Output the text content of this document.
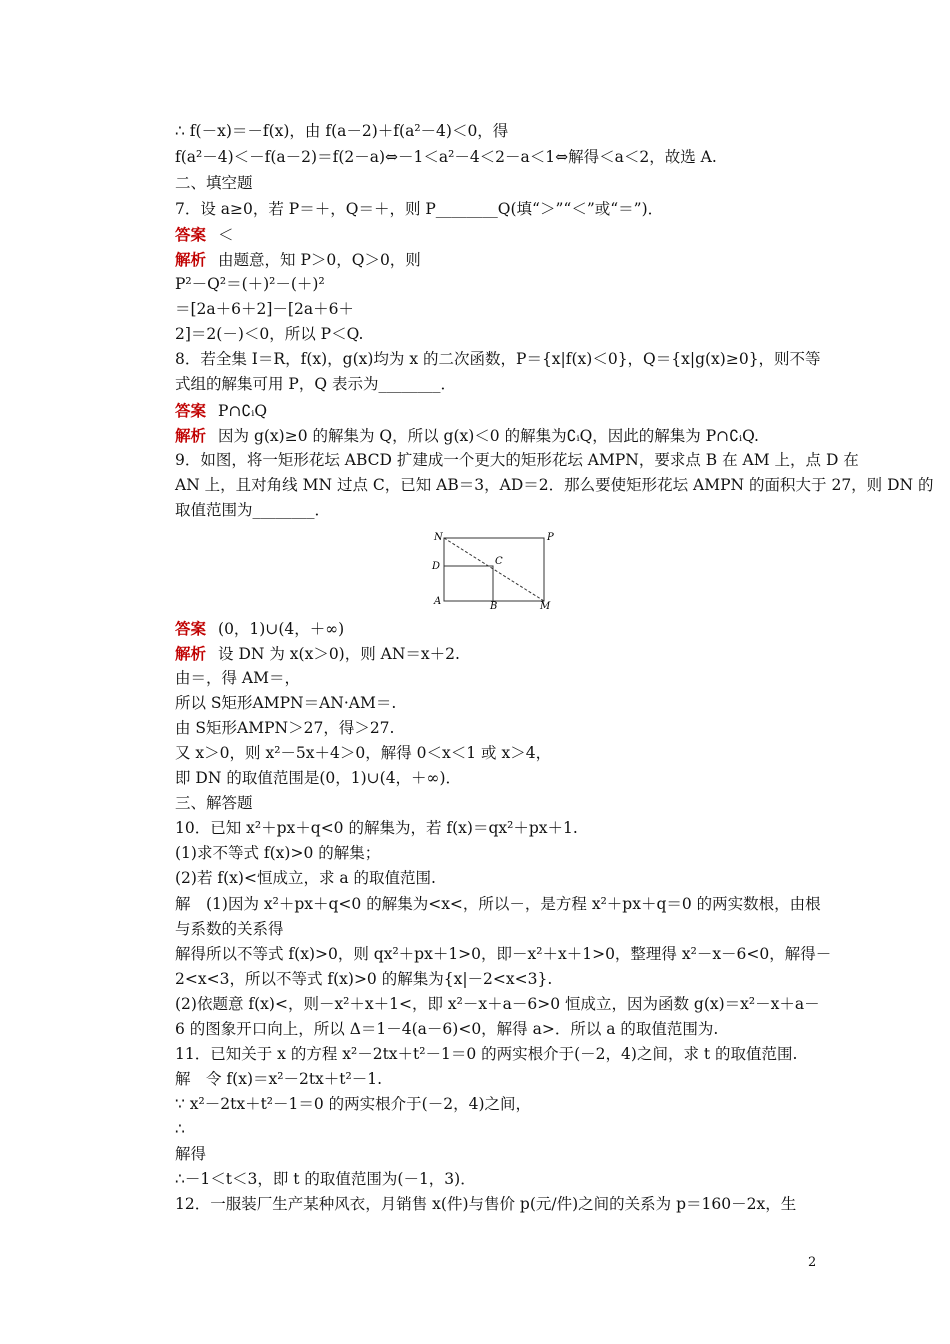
∴ f(－x)＝－f(x)，由 f(a－2)＋f(a²－4)＜0，得
f(a²－4)＜－f(a－2)＝f(2－a)⇔－1＜a²－4＜2－a＜1⇔解得＜a＜2，故选 A.
二、填空题
7．设 a≥0，若 P＝＋，Q＝＋，则 P________Q(填“＞”“＜”或“＝”)．
答案 ＜
解析 由题意，知 P＞0，Q＞0，则
P²－Q²＝(＋)²－(＋)²
＝[2a＋6＋2]－[2a＋6＋
2]＝2(－)＜0，所以 P＜Q.
8．若全集 I＝R，f(x)，g(x)均为 x 的二次函数，P＝{x|f(x)＜0}，Q＝{x|g(x)≥0}，则不等
式组的解集可用 P，Q 表示为________．
答案 P∩∁ᵢQ
解析 因为 g(x)≥0 的解集为 Q，所以 g(x)＜0 的解集为∁ᵢQ，因此的解集为 P∩∁ᵢQ.
9．如图，将一矩形花坛 ABCD 扩建成一个更大的矩形花坛 AMPN，要求点 B 在 AM 上，点 D 在
AN 上，且对角线 MN 过点 C，已知 AB＝3，AD＝2．那么要使矩形花坛 AMPN 的面积大于 27，则 DN 的
取值范围为________．
N	P
C
D
A	B	M
答案 (0，1)∪(4，＋∞)
解析 设 DN 为 x(x＞0)，则 AN＝x＋2.
由＝，得 AM＝，
所以 S矩形AMPN＝AN·AM＝.
由 S矩形AMPN＞27，得＞27.
又 x＞0，则 x²－5x＋4＞0，解得 0＜x＜1 或 x＞4，
即 DN 的取值范围是(0，1)∪(4，＋∞)．
三、解答题
10．已知 x²＋px＋q<0 的解集为，若 f(x)＝qx²＋px＋1.
(1)求不等式 f(x)>0 的解集；
(2)若 f(x)<恒成立，求 a 的取值范围.
解　(1)因为 x²＋px＋q<0 的解集为<x<，所以－，是方程 x²＋px＋q＝0 的两实数根，由根
与系数的关系得
解得所以不等式 f(x)>0，则 qx²＋px＋1>0，即－x²＋x＋1>0，整理得 x²－x－6<0，解得－
2<x<3，所以不等式 f(x)>0 的解集为{x|－2<x<3}.
(2)依题意 f(x)<，则－x²＋x＋1<，即 x²－x＋a－6>0 恒成立，因为函数 g(x)＝x²－x＋a－
6 的图象开口向上，所以 Δ＝1－4(a－6)<0，解得 a>．所以 a 的取值范围为.
11．已知关于 x 的方程 x²－2tx＋t²－1＝0 的两实根介于(－2，4)之间，求 t 的取值范围.
解　令 f(x)＝x²－2tx＋t²－1.
∵ x²－2tx＋t²－1＝0 的两实根介于(－2，4)之间，
∴
解得
∴－1＜t＜3，即 t 的取值范围为(－1，3)．
12．一服装厂生产某种风衣，月销售 x(件)与售价 p(元/件)之间的关系为 p＝160－2x，生
2
